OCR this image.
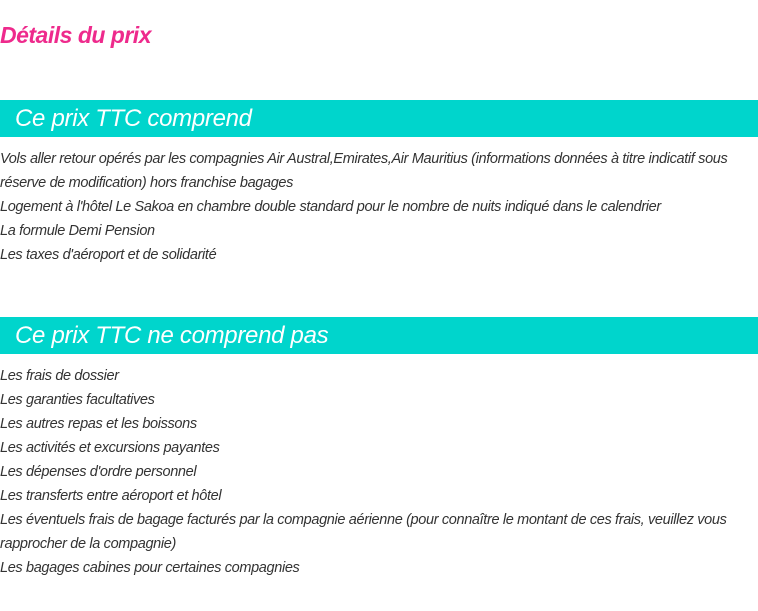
Détails du prix
Ce prix TTC comprend
Vols aller retour opérés par les compagnies Air Austral,Emirates,Air Mauritius (informations données à titre indicatif sous réserve de modification) hors franchise bagages
Logement à l'hôtel Le Sakoa en chambre double standard pour le nombre de nuits indiqué dans le calendrier
La formule Demi Pension
Les taxes d'aéroport et de solidarité
Ce prix TTC ne comprend pas
Les frais de dossier
Les garanties facultatives
Les autres repas et les boissons
Les activités et excursions payantes
Les dépenses d'ordre personnel
Les transferts entre aéroport et hôtel
Les éventuels frais de bagage facturés par la compagnie aérienne (pour connaître le montant de ces frais, veuillez vous rapprocher de la compagnie)
Les bagages cabines pour certaines compagnies
